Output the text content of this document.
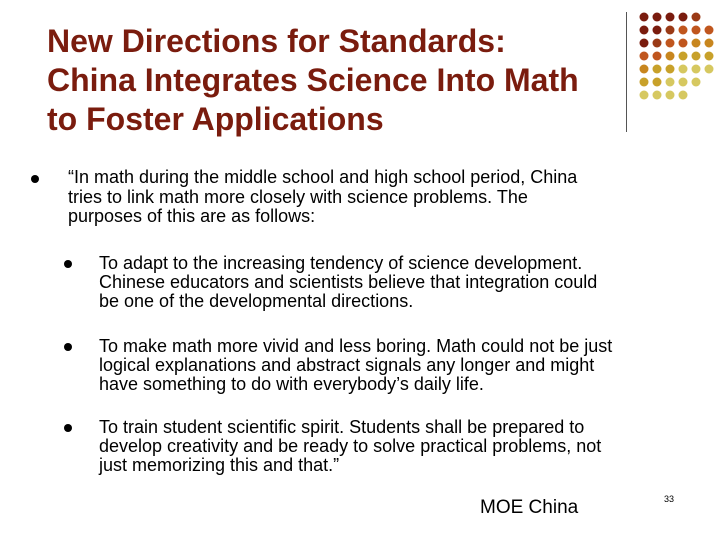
New Directions for Standards:
China Integrates Science Into Math
to Foster Applications
“In math during the middle school and high school period, China
tries to link math more closely with science problems. The
purposes of this are as follows:
To adapt to the increasing tendency of science development.
Chinese educators and scientists believe that integration could
be one of the developmental directions.
To make math more vivid and less boring. Math could not be just
logical explanations and abstract signals any longer and might
have something to do with everybody’s daily life.
To train student scientific spirit. Students shall be prepared to
develop creativity and be ready to solve practical problems, not
just memorizing this and that.”
MOE China	33
